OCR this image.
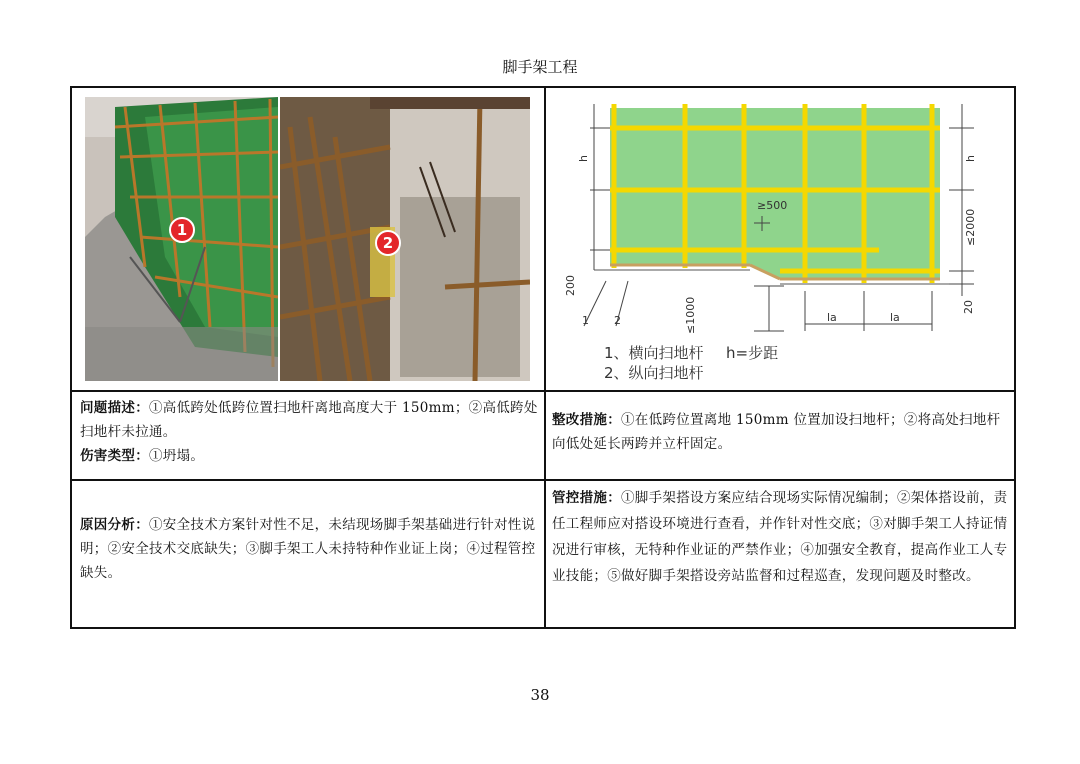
脚手架工程
1
2
h	h
≥500
≤2000
200
≤1000	la	la
20
1 2
1、横向扫地杆 h=步距
2、纵向扫地杆
问题描述：①高低跨处低跨位置扫地杆离地高度大于 150mm；②高低跨处扫地杆未拉通。
伤害类型：①坍塌。
整改措施：①在低跨位置离地 150mm 位置加设扫地杆；②将高处扫地杆向低处延长两跨并立杆固定。
原因分析：①安全技术方案针对性不足，未结现场脚手架基础进行针对性说明；②安全技术交底缺失；③脚手架工人未持特种作业证上岗；④过程管控缺失。
管控措施：①脚手架搭设方案应结合现场实际情况编制；②架体搭设前，责任工程师应对搭设环境进行查看，并作针对性交底；③对脚手架工人持证情况进行审核，无特种作业证的严禁作业；④加强安全教育，提高作业工人专业技能；⑤做好脚手架搭设旁站监督和过程巡查，发现问题及时整改。
38
